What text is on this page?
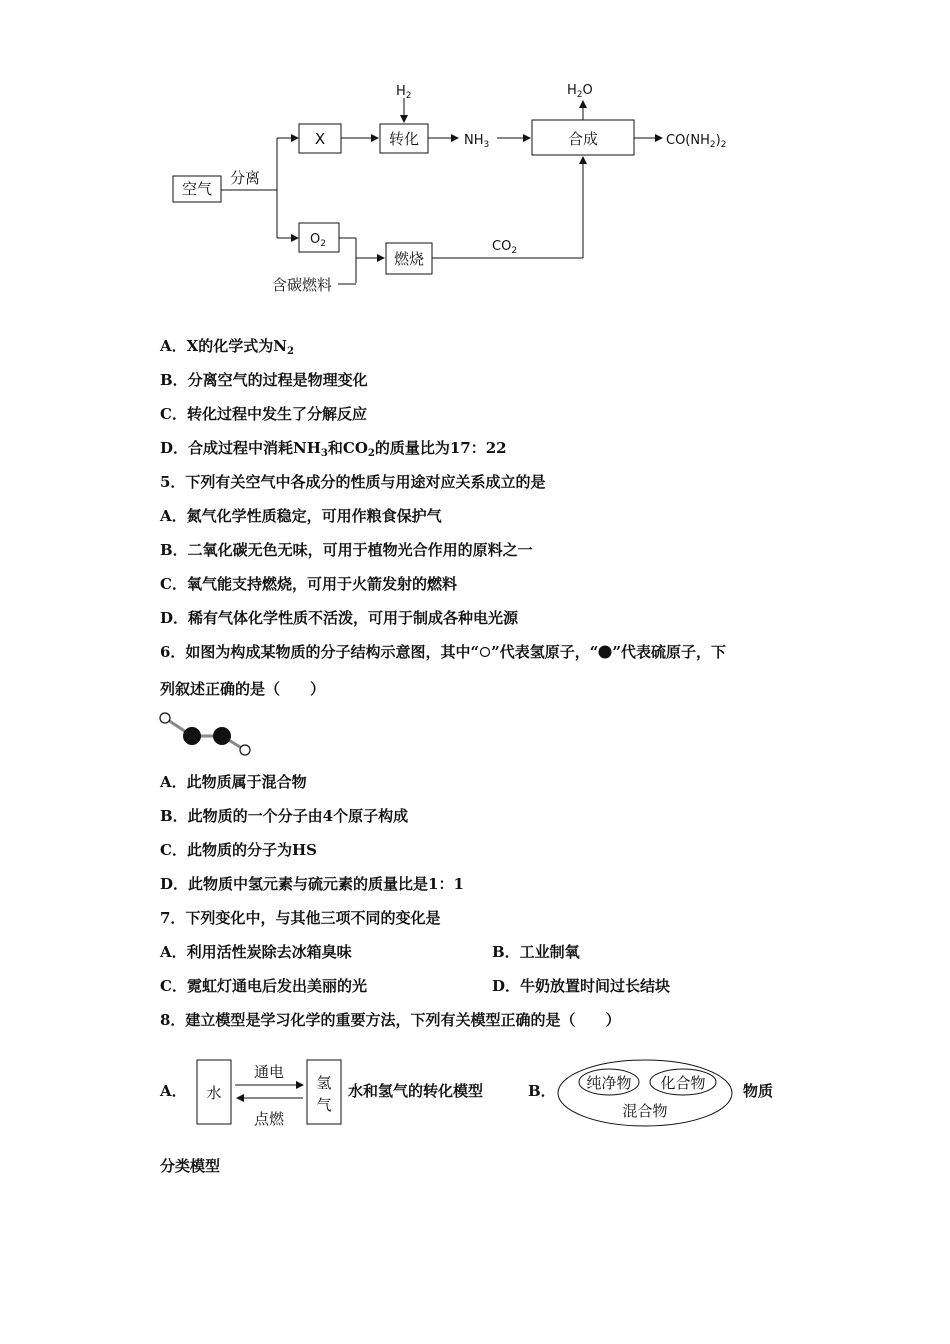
空气
分离
X
$H_2$
转化	$NH_3$	合成
$H_2O$
$CO(NH_2)_2$
$O_2$
含碳燃料
燃烧
$CO_2$
A．X的化学式为$N_2$
B．分离空气的过程是物理变化
C．转化过程中发生了分解反应
D．合成过程中消耗$NH_3$和$CO_2$的质量比为17：22
5．下列有关空气中各成分的性质与用途对应关系成立的是
A．氮气化学性质稳定，可用作粮食保护气
B．二氧化碳无色无味，可用于植物光合作用的原料之一
C．氧气能支持燃烧，可用于火箭发射的燃料
D．稀有气体化学性质不活泼，可用于制成各种电光源
6．如图为构成某物质的分子结构示意图，其中“ ”代表氢原子，“ ”代表硫原子，下
列叙述正确的是（　　）
A．此物质属于混合物
B．此物质的一个分子由4个原子构成
C．此物质的分子为HS
D．此物质中氢元素与硫元素的质量比是1：1
7．下列变化中，与其他三项不同的变化是
A．利用活性炭除去冰箱臭味	B．工业制氧
C．霓虹灯通电后发出美丽的光	D．牛奶放置时间过长结块
8．建立模型是学习化学的重要方法，下列有关模型正确的是（　　）
A． 水
通电
点燃
氢
气
水和氢气的转化模型	B． 纯净物 化合物
混合物
物质
分类模型
